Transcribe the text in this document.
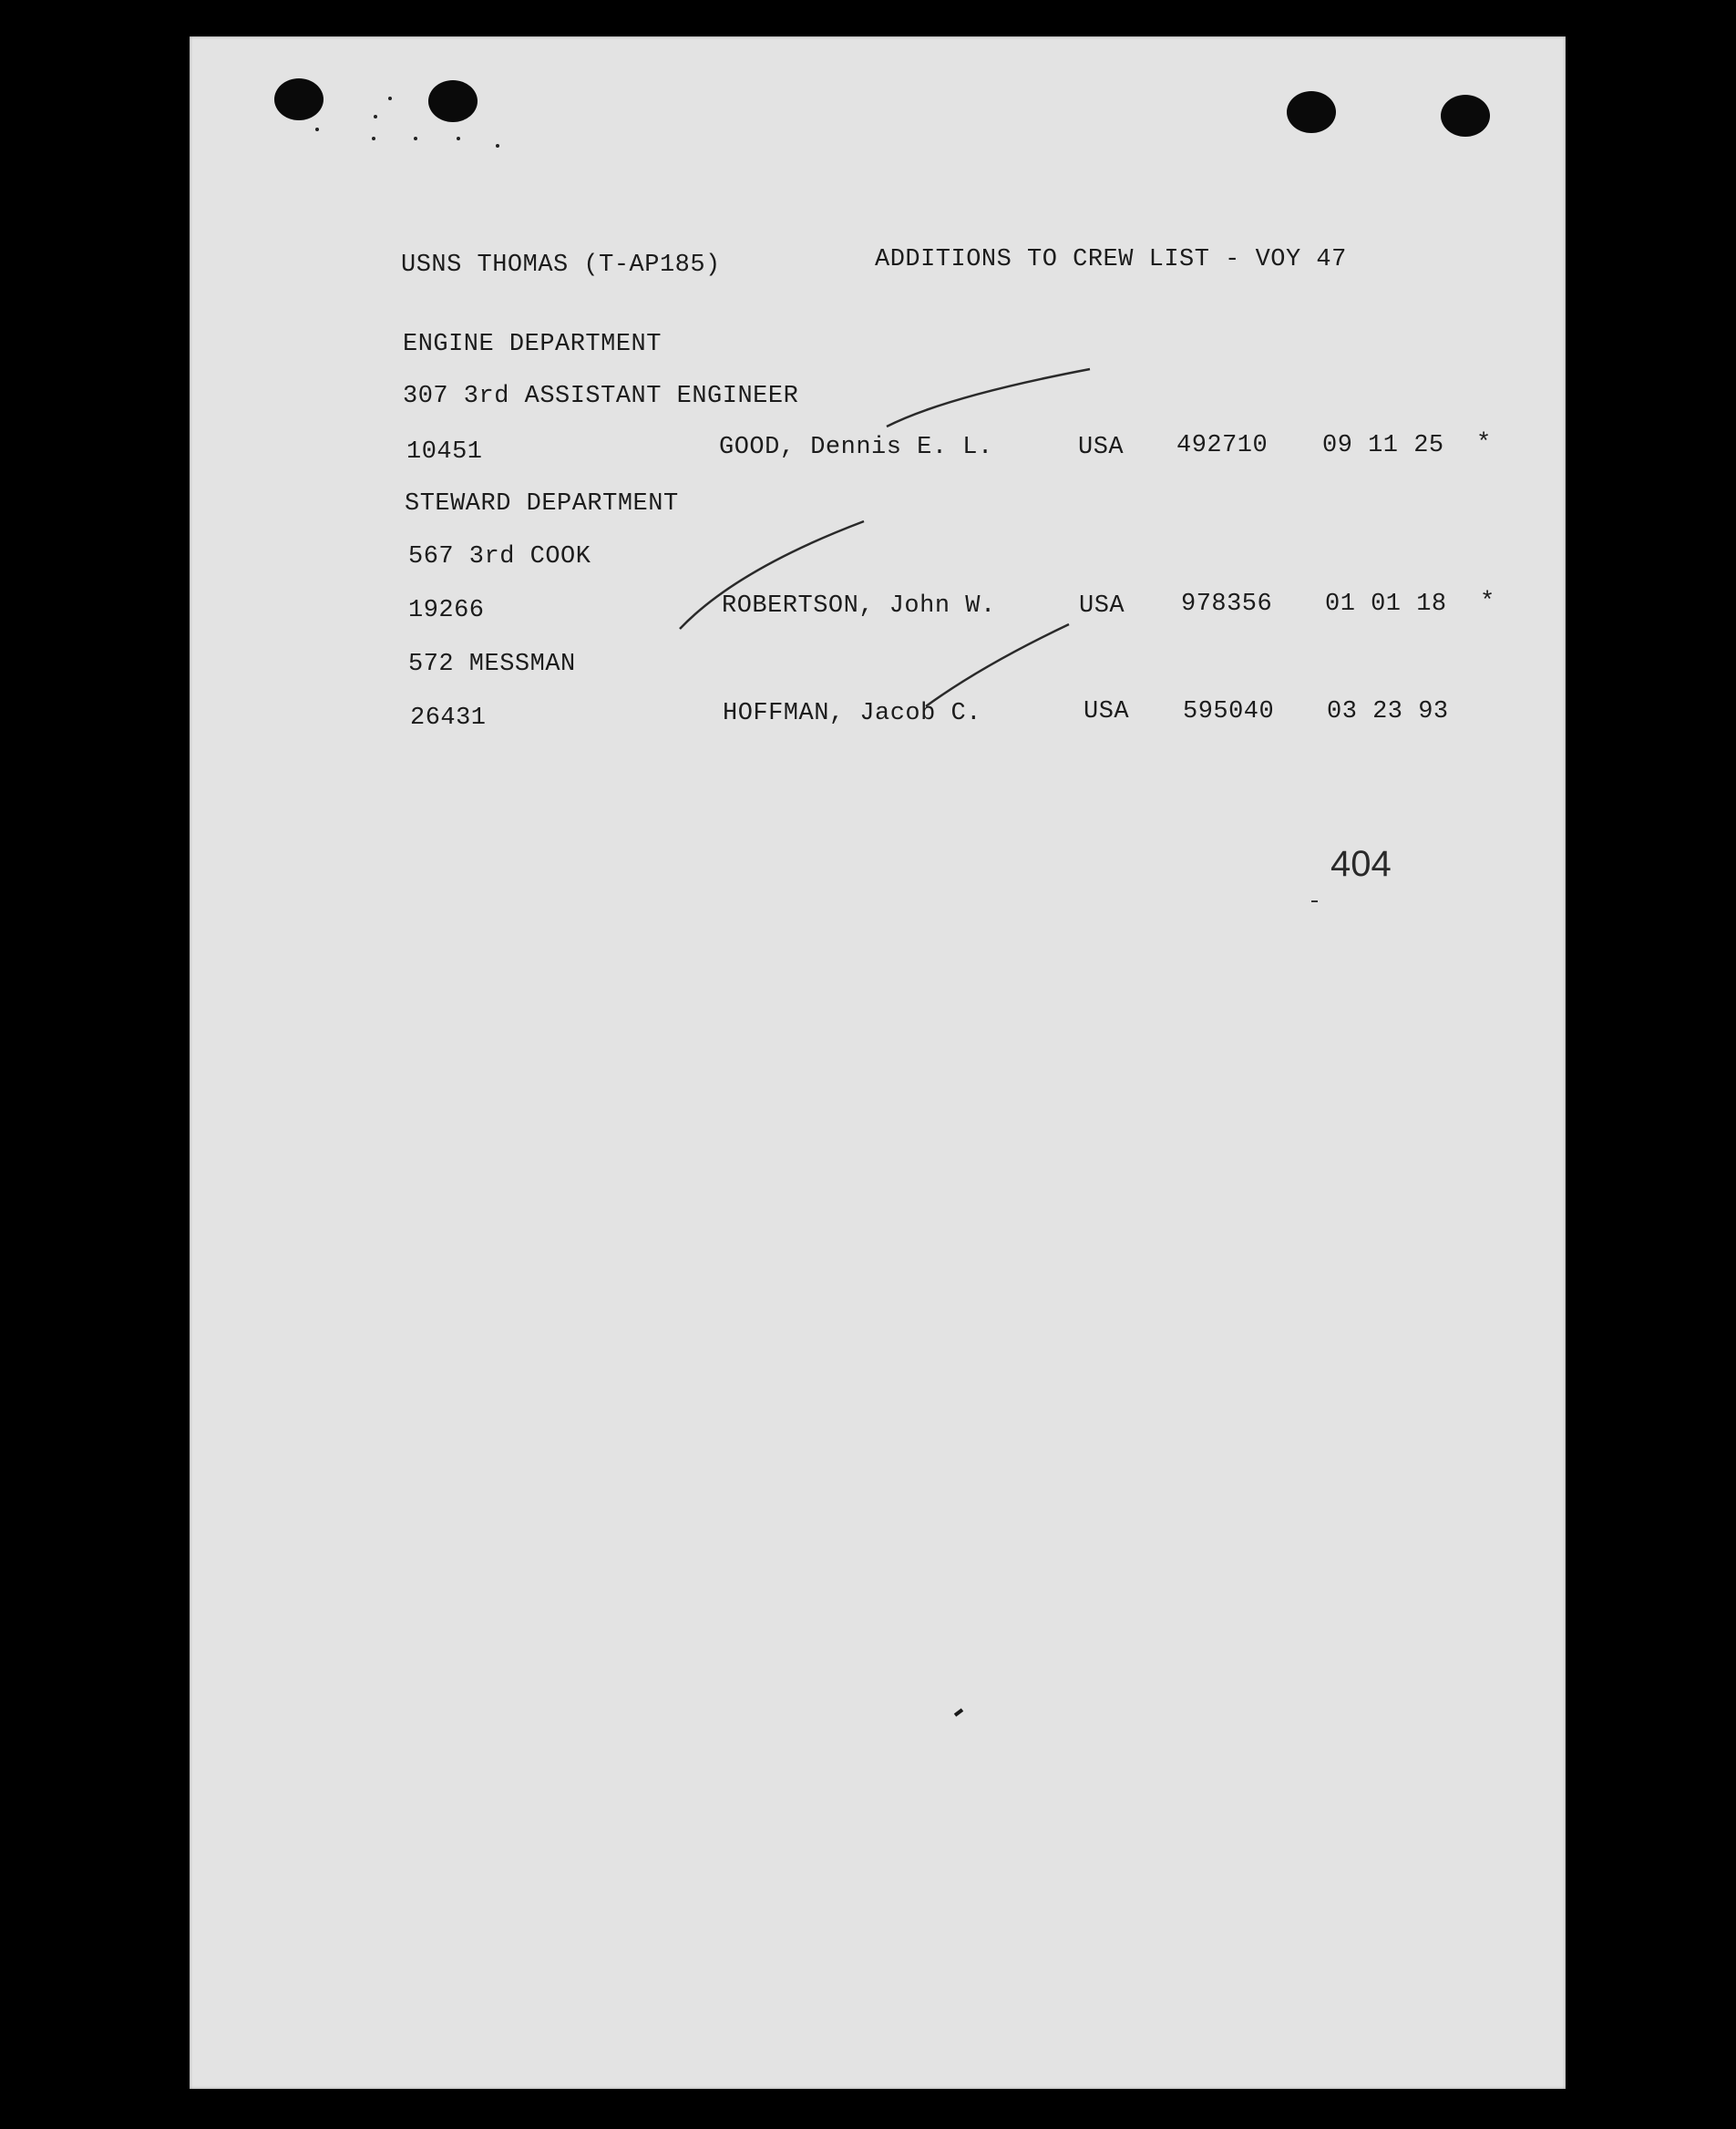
USNS THOMAS (T-AP185)	ADDITIONS TO CREW LIST - VOY 47
ENGINE DEPARTMENT
307 3rd ASSISTANT ENGINEER
10451	GOOD, Dennis E. L.	USA 492710 09 11 25 *
STEWARD DEPARTMENT
567 3rd COOK
19266	ROBERTSON, John W.	USA 978356 01 01 18 *
572 MESSMAN
26431	HOFFMAN, Jacob C.	USA 595040 03 23 93
404
